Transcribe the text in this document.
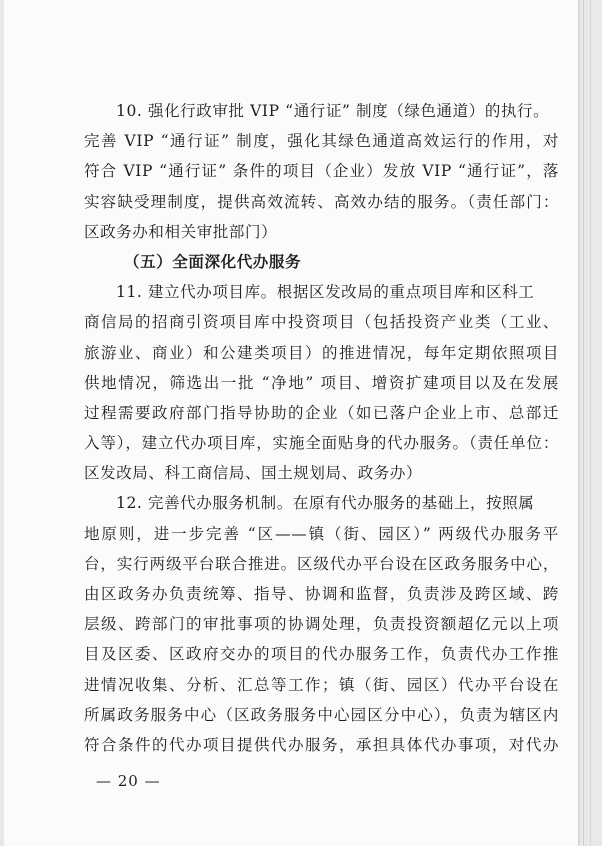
10. 强化行政审批 VIP “通行证” 制度（绿色通道）的执行。
完善 VIP “通行证” 制度，强化其绿色通道高效运行的作用，对
符合 VIP “通行证” 条件的项目（企业）发放 VIP “通行证”，落
实容缺受理制度，提供高效流转、高效办结的服务。（责任部门：
区政务办和相关审批部门）
（五）全面深化代办服务
11. 建立代办项目库。根据区发改局的重点项目库和区科工
商信局的招商引资项目库中投资项目（包括投资产业类（工业、
旅游业、商业）和公建类项目）的推进情况，每年定期依照项目
供地情况，筛选出一批 “净地” 项目、增资扩建项目以及在发展
过程需要政府部门指导协助的企业（如已落户企业上市、总部迁
入等），建立代办项目库，实施全面贴身的代办服务。（责任单位：
区发改局、科工商信局、国土规划局、政务办）
12. 完善代办服务机制。在原有代办服务的基础上，按照属
地原则，进一步完善 “区——镇（街、园区）” 两级代办服务平
台，实行两级平台联合推进。区级代办平台设在区政务服务中心，
由区政务办负责统筹、指导、协调和监督，负责涉及跨区域、跨
层级、跨部门的审批事项的协调处理，负责投资额超亿元以上项
目及区委、区政府交办的项目的代办服务工作，负责代办工作推
进情况收集、分析、汇总等工作；镇（街、园区）代办平台设在
所属政务服务中心（区政务服务中心园区分中心），负责为辖区内
符合条件的代办项目提供代办服务，承担具体代办事项，对代办
— 20 —
